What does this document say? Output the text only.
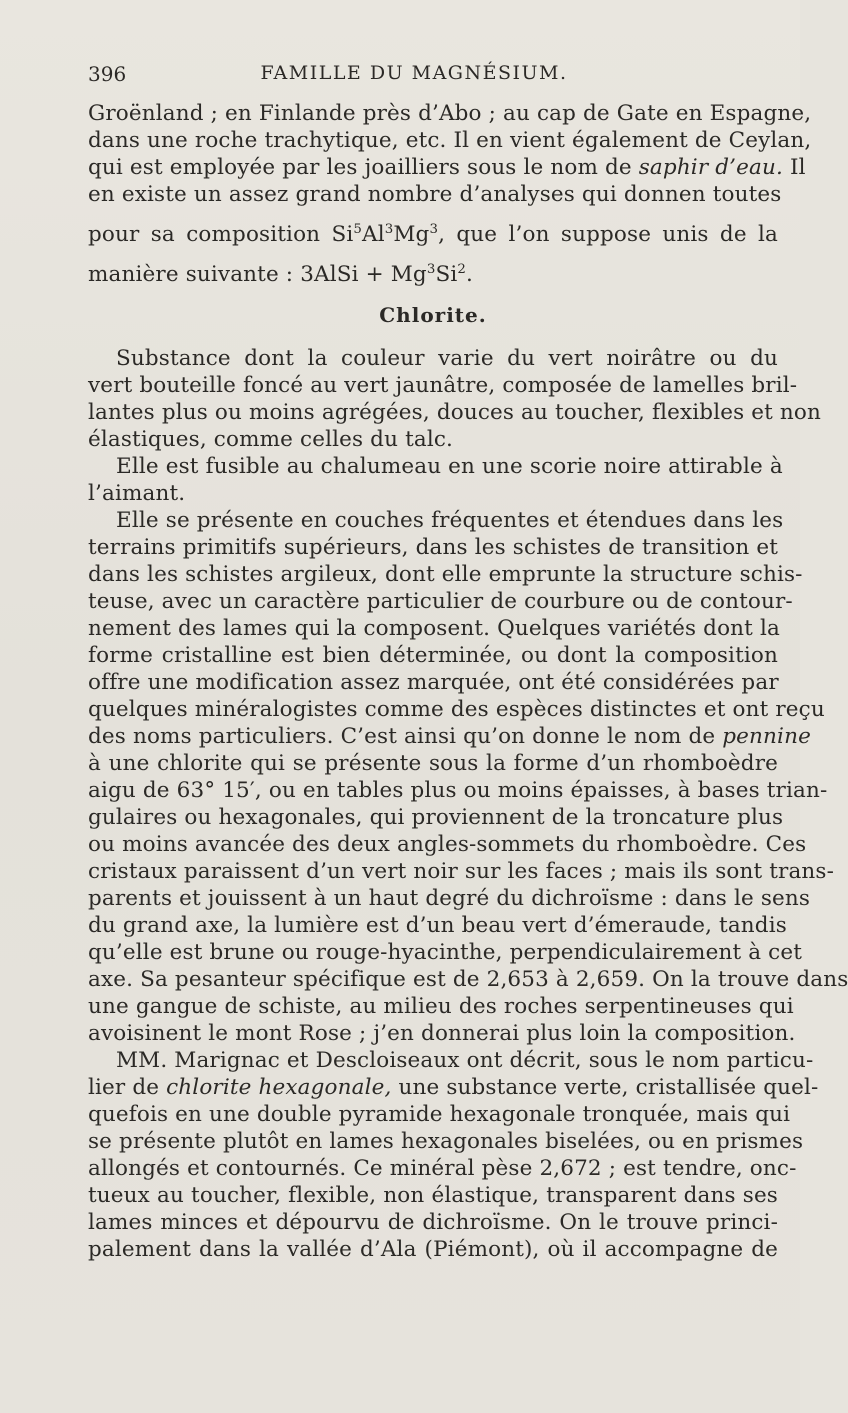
396	FAMILLE DU MAGNÉSIUM.
Groënland ; en Finlande près d’Abo ; au cap de Gate en Espagne,
dans une roche trachytique, etc. Il en vient également de Ceylan,
qui est employée par les joailliers sous le nom de saphir d’eau. Il
en existe un assez grand nombre d’analyses qui donnen toutes
pour sa composition Si$^5$Al$^3$Mg$^3$, que l’on suppose unis de la
manière suivante : 3AlSi + $Mg^3Si^2$.
Chlorite.
Substance dont la couleur varie du vert noirâtre ou du
vert bouteille foncé au vert jaunâtre, composée de lamelles bril-
lantes plus ou moins agrégées, douces au toucher, flexibles et non
élastiques, comme celles du talc.
Elle est fusible au chalumeau en une scorie noire attirable à
l’aimant.
Elle se présente en couches fréquentes et étendues dans les
terrains primitifs supérieurs, dans les schistes de transition et
dans les schistes argileux, dont elle emprunte la structure schis-
teuse, avec un caractère particulier de courbure ou de contour-
nement des lames qui la composent. Quelques variétés dont la
forme cristalline est bien déterminée, ou dont la composition
offre une modification assez marquée, ont été considérées par
quelques minéralogistes comme des espèces distinctes et ont reçu
des noms particuliers. C’est ainsi qu’on donne le nom de pennine
à une chlorite qui se présente sous la forme d’un rhomboèdre
aigu de 63° 15′, ou en tables plus ou moins épaisses, à bases trian-
gulaires ou hexagonales, qui proviennent de la troncature plus
ou moins avancée des deux angles-sommets du rhomboèdre. Ces
cristaux paraissent d’un vert noir sur les faces ; mais ils sont trans-
parents et jouissent à un haut degré du dichroïsme : dans le sens
du grand axe, la lumière est d’un beau vert d’émeraude, tandis
qu’elle est brune ou rouge-hyacinthe, perpendiculairement à cet
axe. Sa pesanteur spécifique est de 2,653 à 2,659. On la trouve dans
une gangue de schiste, au milieu des roches serpentineuses qui
avoisinent le mont Rose ; j’en donnerai plus loin la composition.
MM. Marignac et Descloiseaux ont décrit, sous le nom particu-
lier de chlorite hexagonale, une substance verte, cristallisée quel-
quefois en une double pyramide hexagonale tronquée, mais qui
se présente plutôt en lames hexagonales biselées, ou en prismes
allongés et contournés. Ce minéral pèse 2,672 ; est tendre, onc-
tueux au toucher, flexible, non élastique, transparent dans ses
lames minces et dépourvu de dichroïsme. On le trouve princi-
palement dans la vallée d’Ala (Piémont), où il accompagne de
